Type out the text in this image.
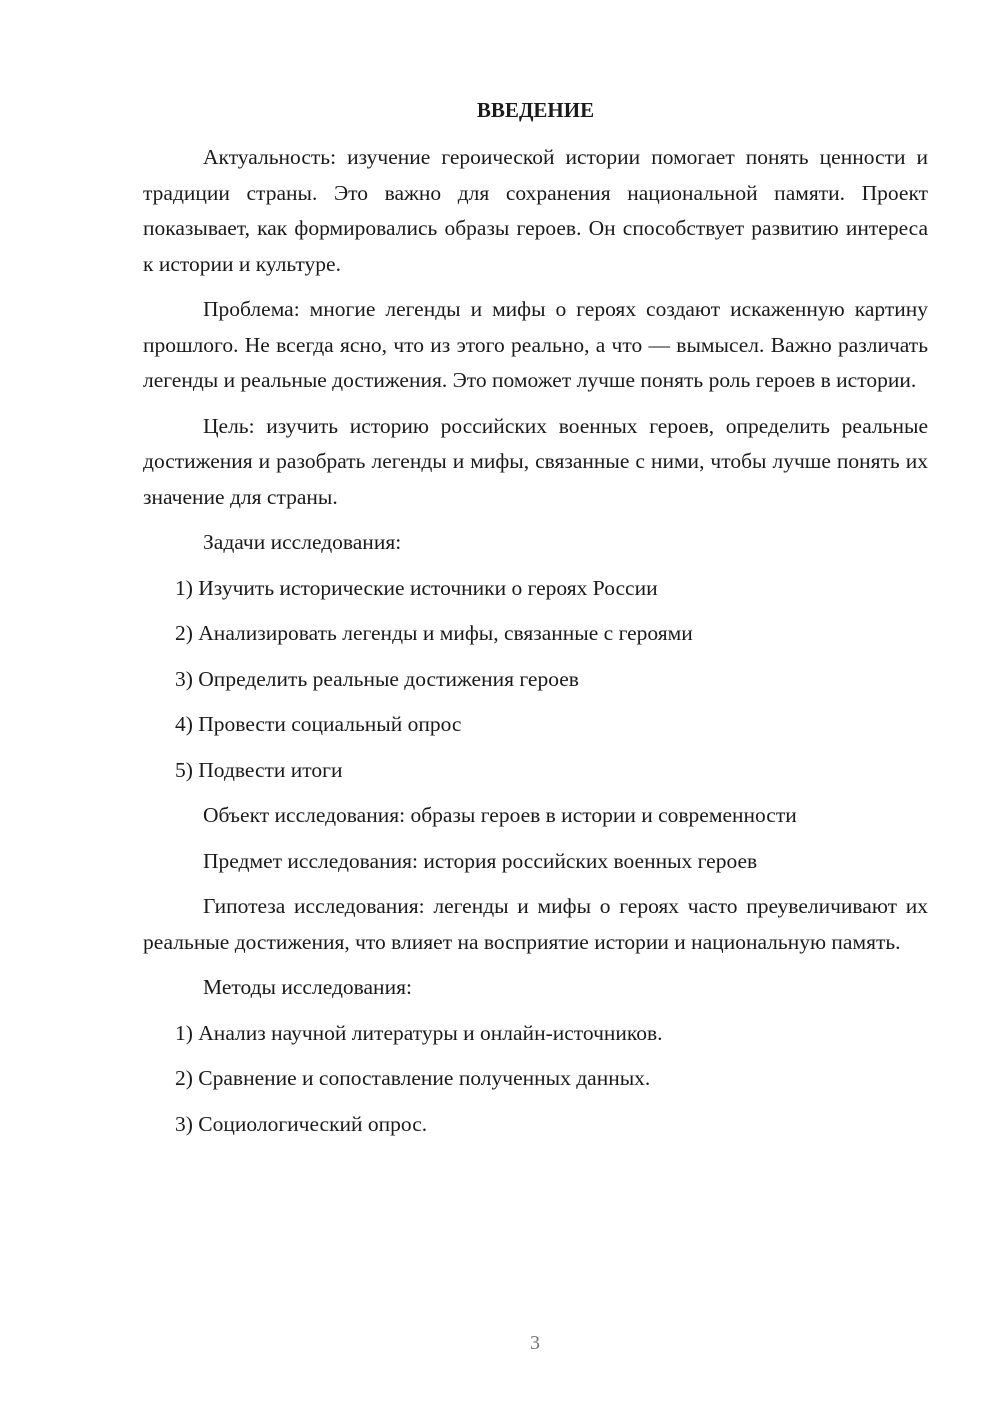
ВВЕДЕНИЕ

Актуальность: изучение героической истории помогает понять ценности и традиции страны. Это важно для сохранения национальной памяти. Проект показывает, как формировались образы героев. Он способствует развитию интереса к истории и культуре.

Проблема: многие легенды и мифы о героях создают искаженную картину прошлого. Не всегда ясно, что из этого реально, а что — вымысел. Важно различать легенды и реальные достижения. Это поможет лучше понять роль героев в истории.

Цель: изучить историю российских военных героев, определить реальные достижения и разобрать легенды и мифы, связанные с ними, чтобы лучше понять их значение для страны.

Задачи исследования:

1) Изучить исторические источники о героях России
2) Анализировать легенды и мифы, связанные с героями
3) Определить реальные достижения героев
4) Провести социальный опрос
5) Подвести итоги

Объект исследования: образы героев в истории и современности

Предмет исследования: история российских военных героев

Гипотеза исследования: легенды и мифы о героях часто преувеличивают их реальные достижения, что влияет на восприятие истории и национальную память.

Методы исследования:

1) Анализ научной литературы и онлайн-источников.
2) Сравнение и сопоставление полученных данных.
3) Социологический опрос.
3
